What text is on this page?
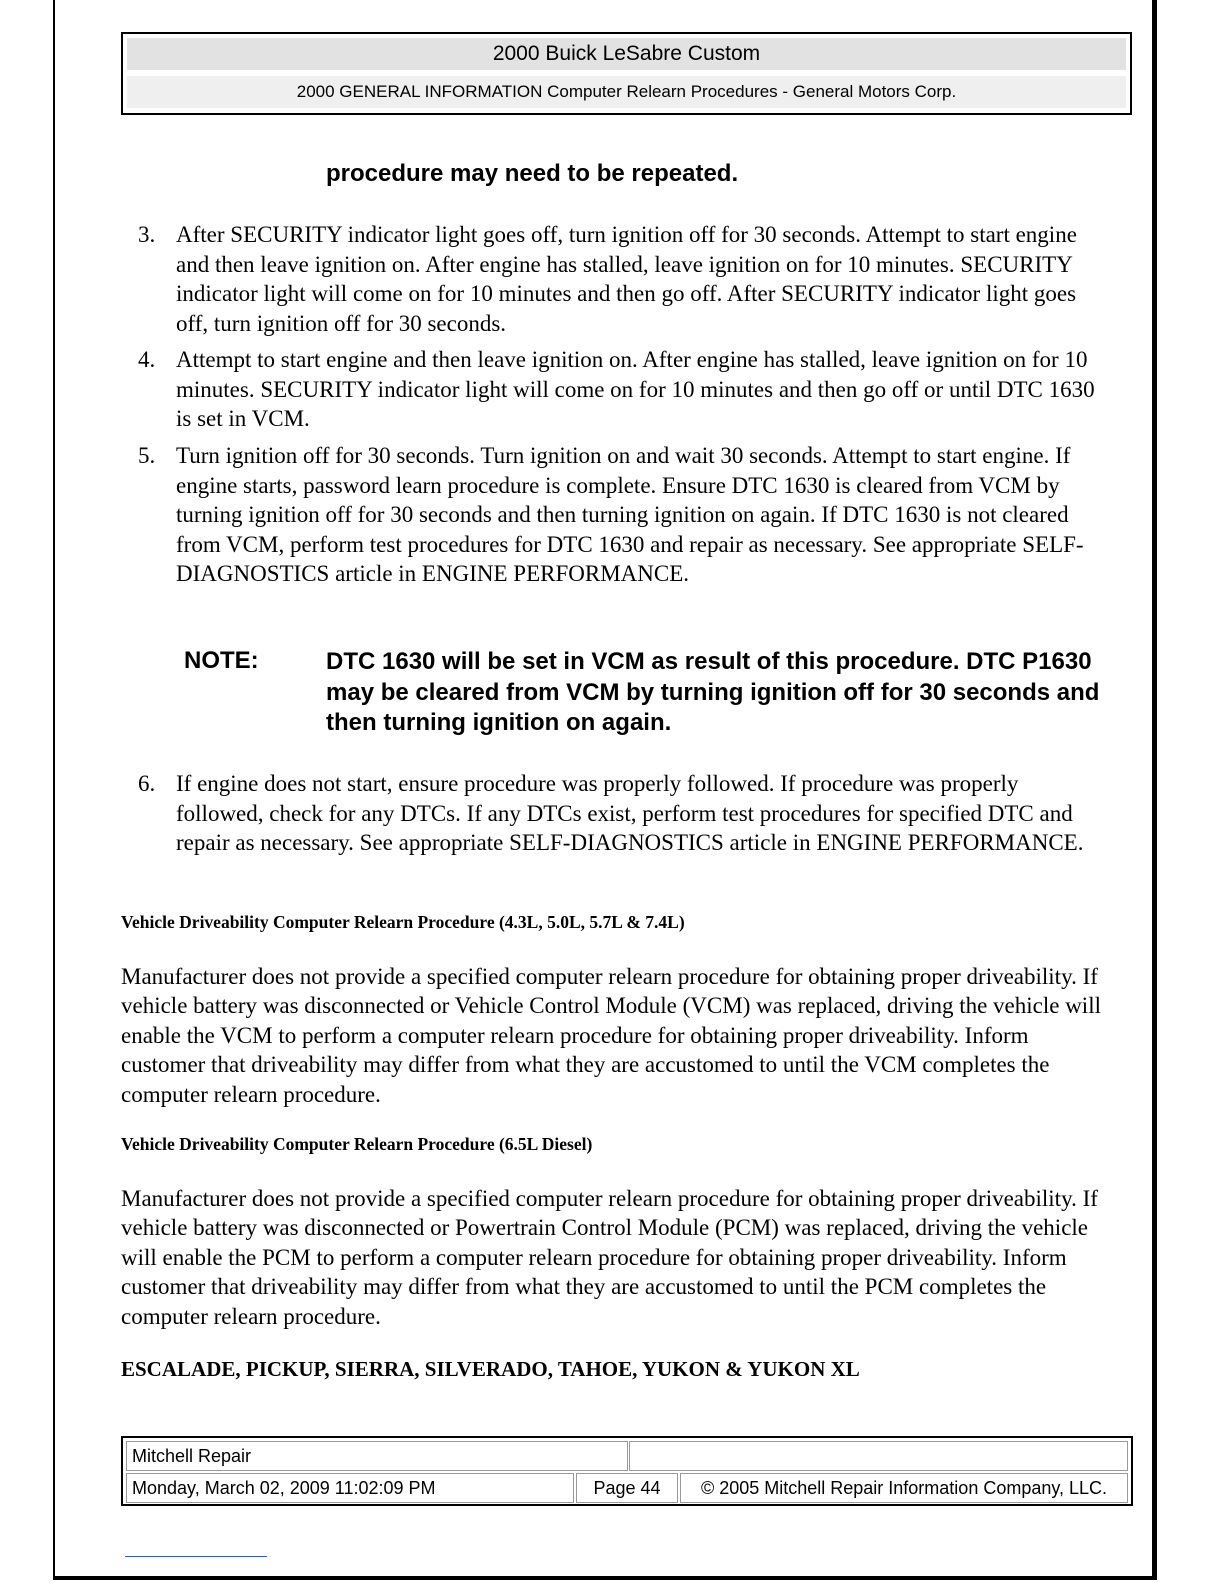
2000 Buick LeSabre Custom
2000 GENERAL INFORMATION Computer Relearn Procedures - General Motors Corp.
procedure may need to be repeated.
3. After SECURITY indicator light goes off, turn ignition off for 30 seconds. Attempt to start engine and then leave ignition on. After engine has stalled, leave ignition on for 10 minutes. SECURITY indicator light will come on for 10 minutes and then go off. After SECURITY indicator light goes off, turn ignition off for 30 seconds.
4. Attempt to start engine and then leave ignition on. After engine has stalled, leave ignition on for 10 minutes. SECURITY indicator light will come on for 10 minutes and then go off or until DTC 1630 is set in VCM.
5. Turn ignition off for 30 seconds. Turn ignition on and wait 30 seconds. Attempt to start engine. If engine starts, password learn procedure is complete. Ensure DTC 1630 is cleared from VCM by turning ignition off for 30 seconds and then turning ignition on again. If DTC 1630 is not cleared from VCM, perform test procedures for DTC 1630 and repair as necessary. See appropriate SELF-DIAGNOSTICS article in ENGINE PERFORMANCE.
NOTE:	DTC 1630 will be set in VCM as result of this procedure. DTC P1630 may be cleared from VCM by turning ignition off for 30 seconds and then turning ignition on again.
6. If engine does not start, ensure procedure was properly followed. If procedure was properly followed, check for any DTCs. If any DTCs exist, perform test procedures for specified DTC and repair as necessary. See appropriate SELF-DIAGNOSTICS article in ENGINE PERFORMANCE.
Vehicle Driveability Computer Relearn Procedure (4.3L, 5.0L, 5.7L & 7.4L)
Manufacturer does not provide a specified computer relearn procedure for obtaining proper driveability. If vehicle battery was disconnected or Vehicle Control Module (VCM) was replaced, driving the vehicle will enable the VCM to perform a computer relearn procedure for obtaining proper driveability. Inform customer that driveability may differ from what they are accustomed to until the VCM completes the computer relearn procedure.
Vehicle Driveability Computer Relearn Procedure (6.5L Diesel)
Manufacturer does not provide a specified computer relearn procedure for obtaining proper driveability. If vehicle battery was disconnected or Powertrain Control Module (PCM) was replaced, driving the vehicle will enable the PCM to perform a computer relearn procedure for obtaining proper driveability. Inform customer that driveability may differ from what they are accustomed to until the PCM completes the computer relearn procedure.
ESCALADE, PICKUP, SIERRA, SILVERADO, TAHOE, YUKON & YUKON XL
Mitchell Repair
Monday, March 02, 2009 11:02:09 PM	Page 44	© 2005 Mitchell Repair Information Company, LLC.
